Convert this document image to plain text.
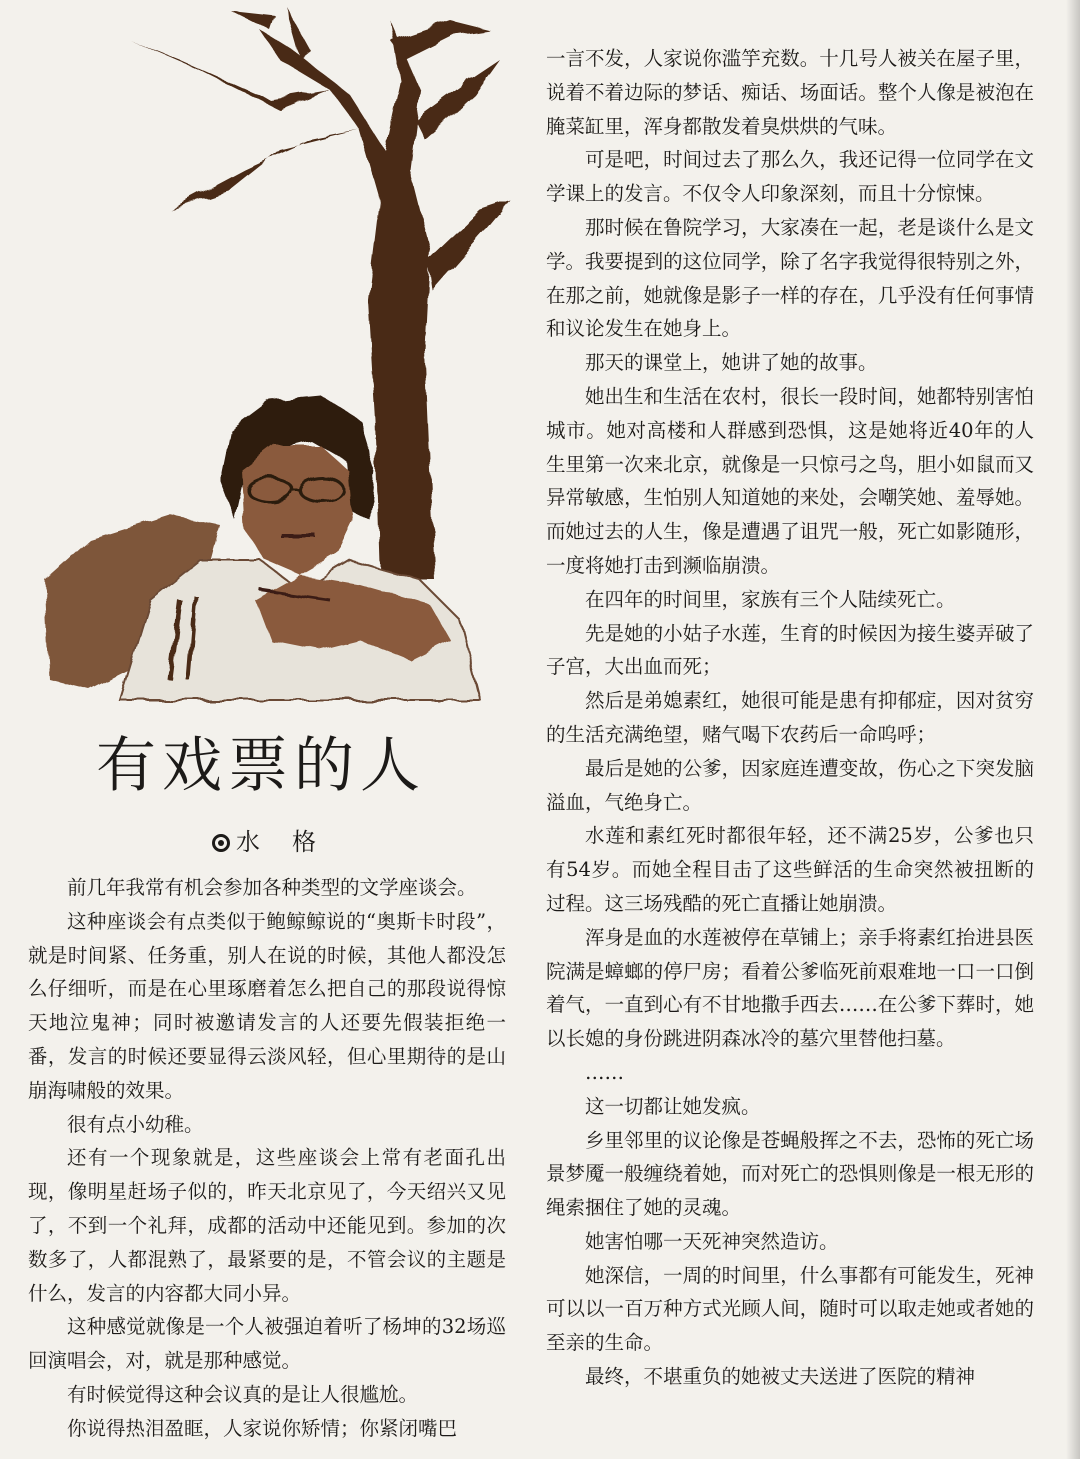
有戏票的人
水　格

前几年我常有机会参加各种类型的文学座谈会。

这种座谈会有点类似于鲍鲸鲸说的“奥斯卡时段”，就是时间紧、任务重，别人在说的时候，其他人都没怎么仔细听，而是在心里琢磨着怎么把自己的那段说得惊天地泣鬼神；同时被邀请发言的人还要先假装拒绝一番，发言的时候还要显得云淡风轻，但心里期待的是山崩海啸般的效果。

很有点小幼稚。

还有一个现象就是，这些座谈会上常有老面孔出现，像明星赶场子似的，昨天北京见了，今天绍兴又见了，不到一个礼拜，成都的活动中还能见到。参加的次数多了，人都混熟了，最紧要的是，不管会议的主题是什么，发言的内容都大同小异。

这种感觉就像是一个人被强迫着听了杨坤的32场巡回演唱会，对，就是那种感觉。

有时候觉得这种会议真的是让人很尴尬。

你说得热泪盈眶，人家说你矫情；你紧闭嘴巴

一言不发，人家说你滥竽充数。十几号人被关在屋子里，说着不着边际的梦话、痴话、场面话。整个人像是被泡在腌菜缸里，浑身都散发着臭烘烘的气味。

可是吧，时间过去了那么久，我还记得一位同学在文学课上的发言。不仅令人印象深刻，而且十分惊悚。

那时候在鲁院学习，大家凑在一起，老是谈什么是文学。我要提到的这位同学，除了名字我觉得很特别之外，在那之前，她就像是影子一样的存在，几乎没有任何事情和议论发生在她身上。

那天的课堂上，她讲了她的故事。

她出生和生活在农村，很长一段时间，她都特别害怕城市。她对高楼和人群感到恐惧，这是她将近40年的人生里第一次来北京，就像是一只惊弓之鸟，胆小如鼠而又异常敏感，生怕别人知道她的来处，会嘲笑她、羞辱她。而她过去的人生，像是遭遇了诅咒一般，死亡如影随形，一度将她打击到濒临崩溃。

在四年的时间里，家族有三个人陆续死亡。

先是她的小姑子水莲，生育的时候因为接生婆弄破了子宫，大出血而死；

然后是弟媳素红，她很可能是患有抑郁症，因对贫穷的生活充满绝望，赌气喝下农药后一命呜呼；

最后是她的公爹，因家庭连遭变故，伤心之下突发脑溢血，气绝身亡。

水莲和素红死时都很年轻，还不满25岁，公爹也只有54岁。而她全程目击了这些鲜活的生命突然被扭断的过程。这三场残酷的死亡直播让她崩溃。

浑身是血的水莲被停在草铺上；亲手将素红抬进县医院满是蟑螂的停尸房；看着公爹临死前艰难地一口一口倒着气，一直到心有不甘地撒手西去……在公爹下葬时，她以长媳的身份跳进阴森冰冷的墓穴里替他扫墓。

……

这一切都让她发疯。

乡里邻里的议论像是苍蝇般挥之不去，恐怖的死亡场景梦魇一般缠绕着她，而对死亡的恐惧则像是一根无形的绳索捆住了她的灵魂。

她害怕哪一天死神突然造访。

她深信，一周的时间里，什么事都有可能发生，死神可以以一百万种方式光顾人间，随时可以取走她或者她的至亲的生命。

最终，不堪重负的她被丈夫送进了医院的精神
